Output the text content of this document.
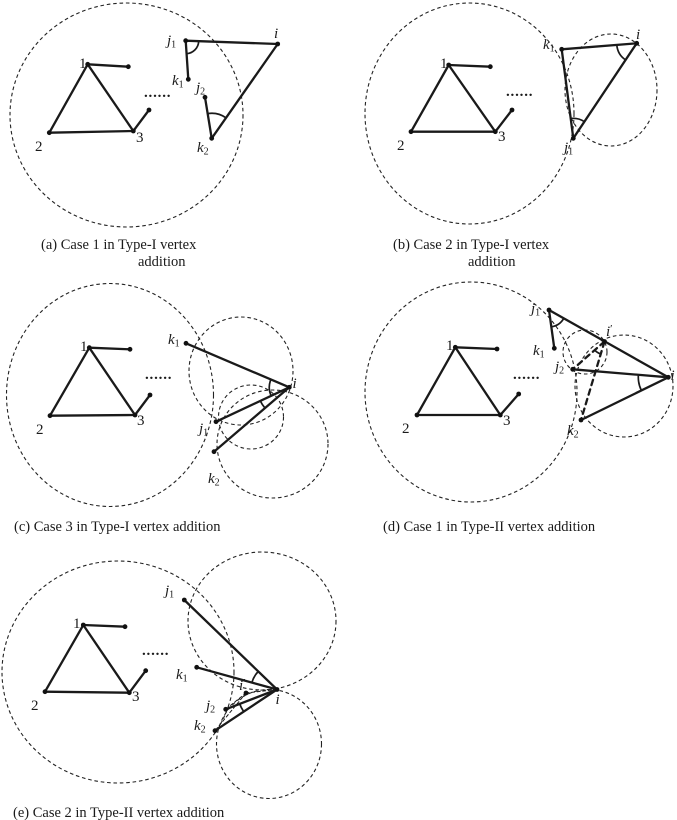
1
2
3
j1
k1 j2
k2
i
......
(a) Case 1 in Type-I vertex
addition
1
2
3
k1
i
j1
......
(b) Case 2 in Type-I vertex
addition
1
2
3
k1
i
j1
k2
......
(c) Case 3 in Type-I vertex addition
1
2	3
j1
k1
i′
j2	i
k2
......
(d) Case 1 in Type-II vertex addition
1
2
3
j1
k1
i
i′
j2
k2
......
(e) Case 2 in Type-II vertex addition
